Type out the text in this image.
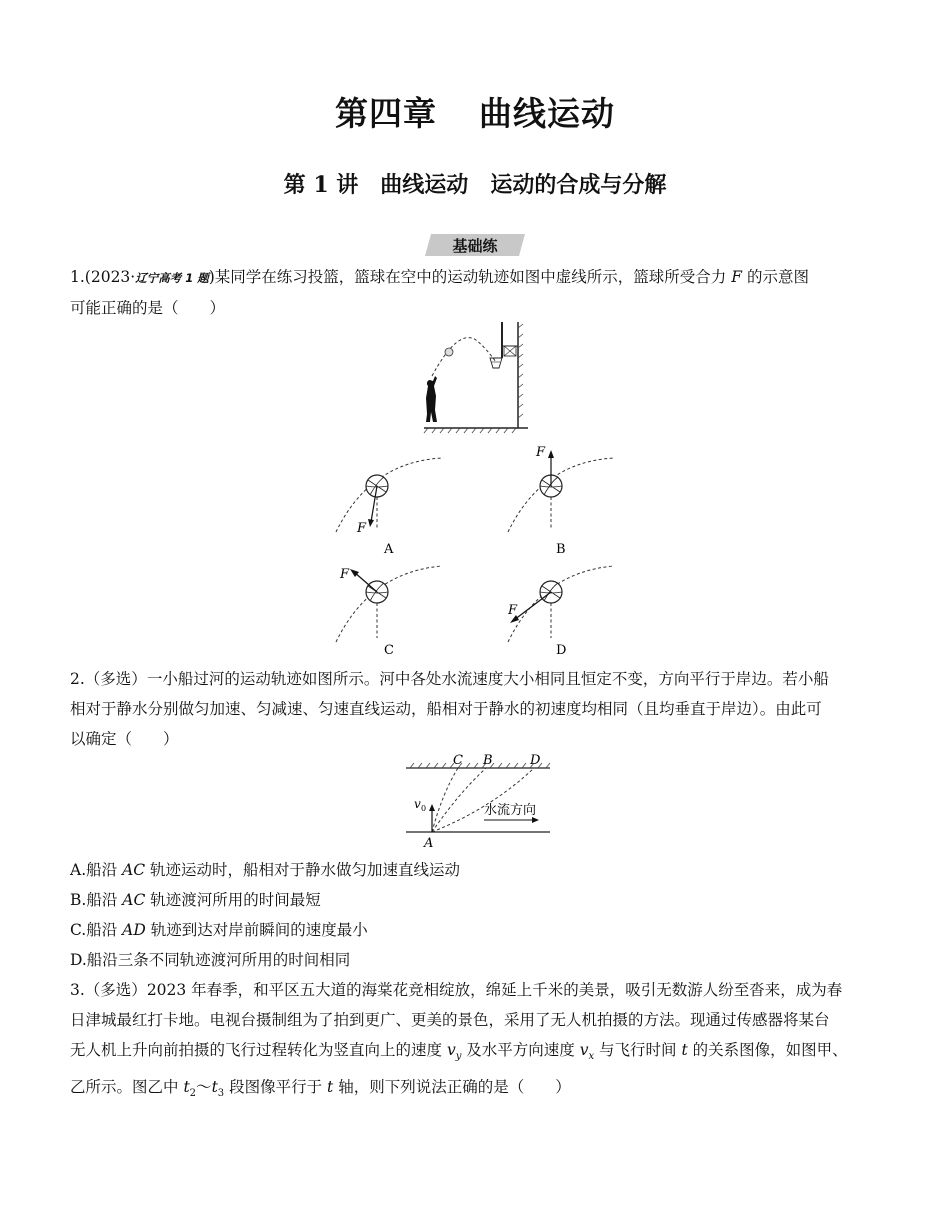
第四章 曲线运动
第 1 讲 曲线运动 运动的合成与分解
基础练
1.(2023·辽宁高考 1 题)某同学在练习投篮，篮球在空中的运动轨迹如图中虚线所示，篮球所受合力 F 的示意图
可能正确的是（　　）
F
A
F
B
F
C
F
D
2.（多选）一小船过河的运动轨迹如图所示。河中各处水流速度大小相同且恒定不变，方向平行于岸边。若小船
相对于静水分别做匀加速、匀减速、匀速直线运动，船相对于静水的初速度均相同（且均垂直于岸边）。由此可
以确定（　　）
C B	D
A
v 0	水流方向
A.船沿 AC 轨迹运动时，船相对于静水做匀加速直线运动
B.船沿 AC 轨迹渡河所用的时间最短
C.船沿 AD 轨迹到达对岸前瞬间的速度最小
D.船沿三条不同轨迹渡河所用的时间相同
3.（多选）2023 年春季，和平区五大道的海棠花竞相绽放，绵延上千米的美景，吸引无数游人纷至沓来，成为春
日津城最红打卡地。电视台摄制组为了拍到更广、更美的景色，采用了无人机拍摄的方法。现通过传感器将某台
无人机上升向前拍摄的飞行过程转化为竖直向上的速度 $v_y$ 及水平方向速度 $v_x$ 与飞行时间 t 的关系图像，如图甲、
乙所示。图乙中 $t_2\sim t_3$ 段图像平行于 t 轴，则下列说法正确的是（　　）
